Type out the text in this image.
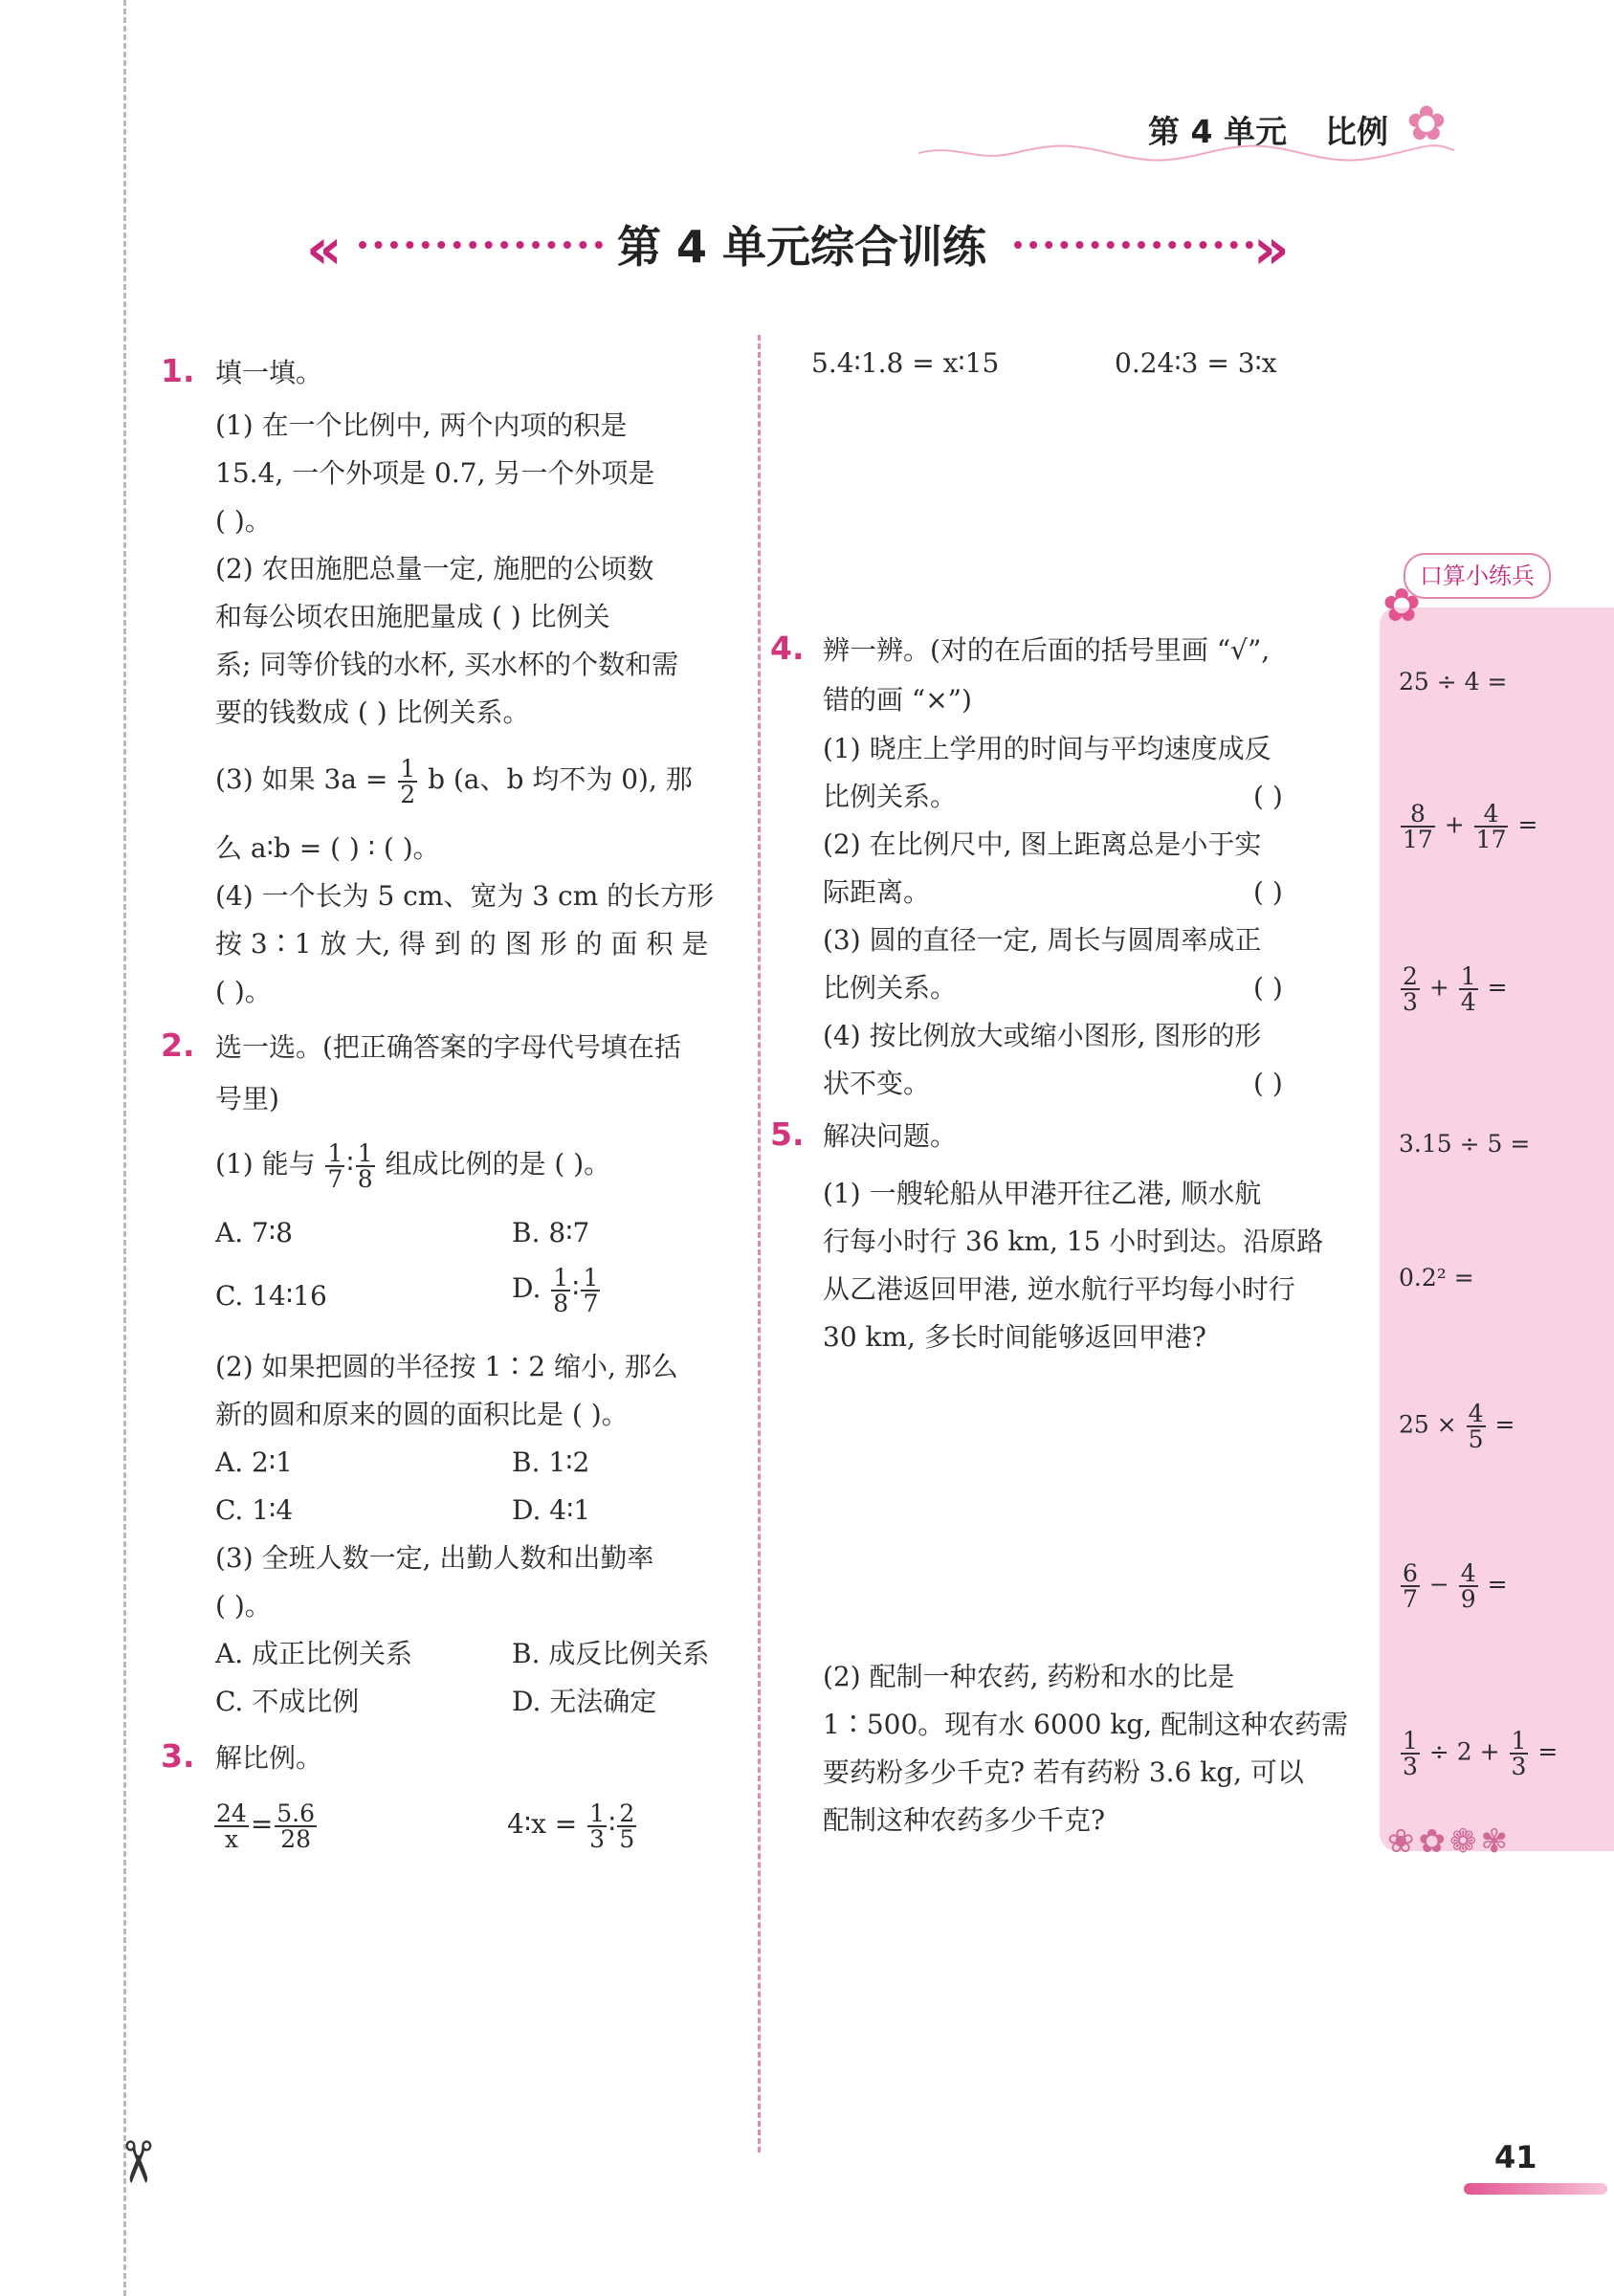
✂
第 4 单元 比例 ✿
«	第 4 单元综合训练	»
1. 填一填。
(1) 在一个比例中, 两个内项的积是
15.4, 一个外项是 0.7, 另一个外项是
( )。
(2) 农田施肥总量一定, 施肥的公顷数
和每公顷农田施肥量成 ( ) 比例关
系; 同等价钱的水杯, 买水杯的个数和需
要的钱数成 ( ) 比例关系。
(3) 如果 $3a = \frac{1}{2}$ b (a、b 均不为 0), 那
么 a∶b = ( ) ∶ ( )。
(4) 一个长为 5 cm、宽为 3 cm 的长方形
按 3∶1 放 大, 得 到 的 图 形 的 面 积 是
( )。
2. 选一选。(把正确答案的字母代号填在括
号里)
(1) 能与 $\frac{1}{7}$ ∶ $\frac{1}{8}$ 组成比例的是 ( )。
A. 7∶8	B. 8∶7
C. 14∶16	D. $\frac{1}{8}$ ∶ $\frac{1}{7}$
(2) 如果把圆的半径按 1∶2 缩小, 那么
新的圆和原来的圆的面积比是 ( )。
A. 2∶1	B. 1∶2
C. 1∶4	D. 4∶1
(3) 全班人数一定, 出勤人数和出勤率
( )。
A. 成正比例关系	B. 成反比例关系
C. 不成比例	D. 无法确定
3. 解比例。
$\frac{24}{x} = \frac{5.6}{28}$	4∶x = $\frac{1}{3}$ ∶ $\frac{2}{5}$
5.4∶1.8 = x∶15	0.24∶3 = 3∶x
4. 辨一辨。(对的在后面的括号里画 “√”,
错的画 “×”)
(1) 晓庄上学用的时间与平均速度成反
比例关系。	( )
(2) 在比例尺中, 图上距离总是小于实
际距离。	( )
(3) 圆的直径一定, 周长与圆周率成正
比例关系。	( )
(4) 按比例放大或缩小图形, 图形的形
状不变。	( )
5. 解决问题。
(1) 一艘轮船从甲港开往乙港, 顺水航
行每小时行 36 km, 15 小时到达。沿原路
从乙港返回甲港, 逆水航行平均每小时行
30 km, 多长时间能够返回甲港?
(2) 配制一种农药, 药粉和水的比是
1∶500。现有水 6000 kg, 配制这种农药需
要药粉多少千克? 若有药粉 3.6 kg, 可以
配制这种农药多少千克?
口算小练兵
✿
25 ÷ 4 =
$\frac{8}{17} + \frac{4}{17}$ =
$\frac{2}{3} + \frac{1}{4}$ =
3.15 ÷ 5 =
0.2² =
$25 \times \frac{4}{5}$ =
$\frac{6}{7} - \frac{4}{9}$ =
$\frac{1}{3} \div 2 + \frac{1}{3}$ =
❀✿❁✾
41
